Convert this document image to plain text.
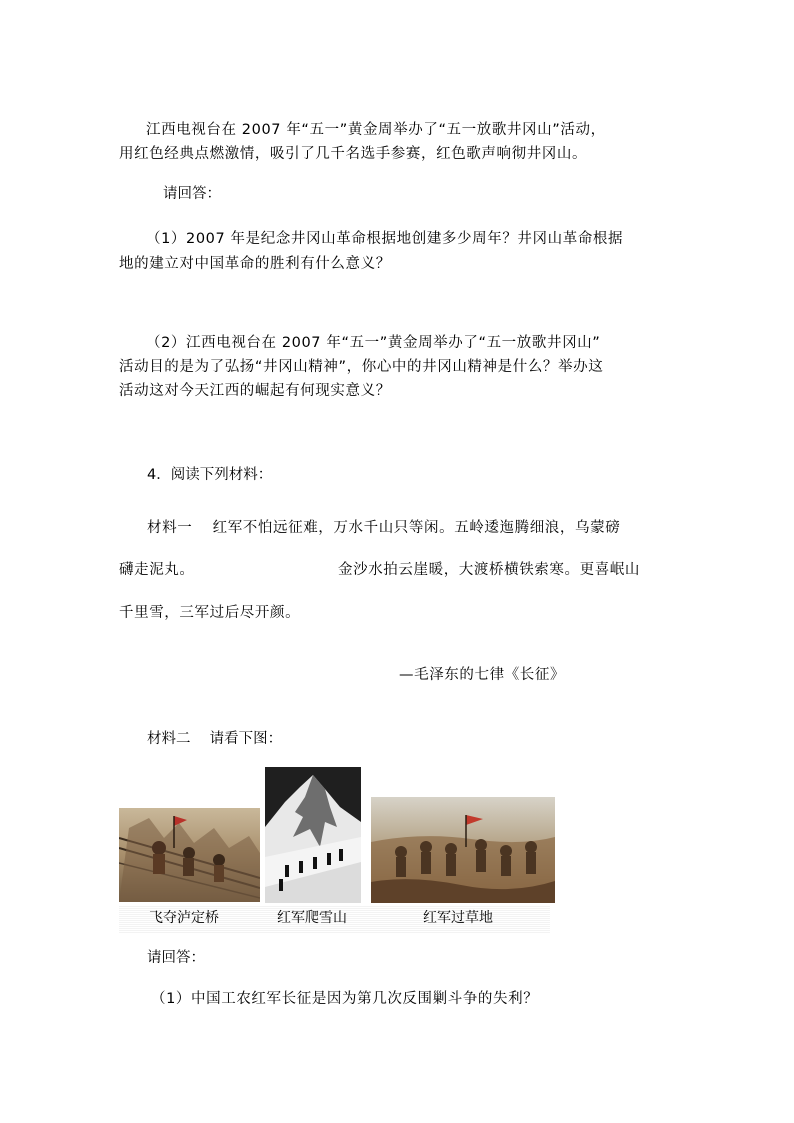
江西电视台在 2007 年“五一”黄金周举办了“五一放歌井冈山”活动，
用红色经典点燃激情，吸引了几千名选手参赛，红色歌声响彻井冈山。
请回答：
（1）2007 年是纪念井冈山革命根据地创建多少周年？井冈山革命根据
地的建立对中国革命的胜利有什么意义？
（2）江西电视台在 2007 年“五一”黄金周举办了“五一放歌井冈山”
活动目的是为了弘扬“井冈山精神”，你心中的井冈山精神是什么？举办这
活动这对今天江西的崛起有何现实意义？
4．阅读下列材料：
材料一　 红军不怕远征难，万水千山只等闲。五岭逶迤腾细浪，乌蒙磅
礴走泥丸。	金沙水拍云崖暖，大渡桥横铁索寒。更喜岷山
千里雪，三军过后尽开颜。
—毛泽东的七律《长征》
材料二　 请看下图：
飞夺泸定桥	红军爬雪山	红军过草地
请回答：
（1）中国工农红军长征是因为第几次反围剿斗争的失利？
